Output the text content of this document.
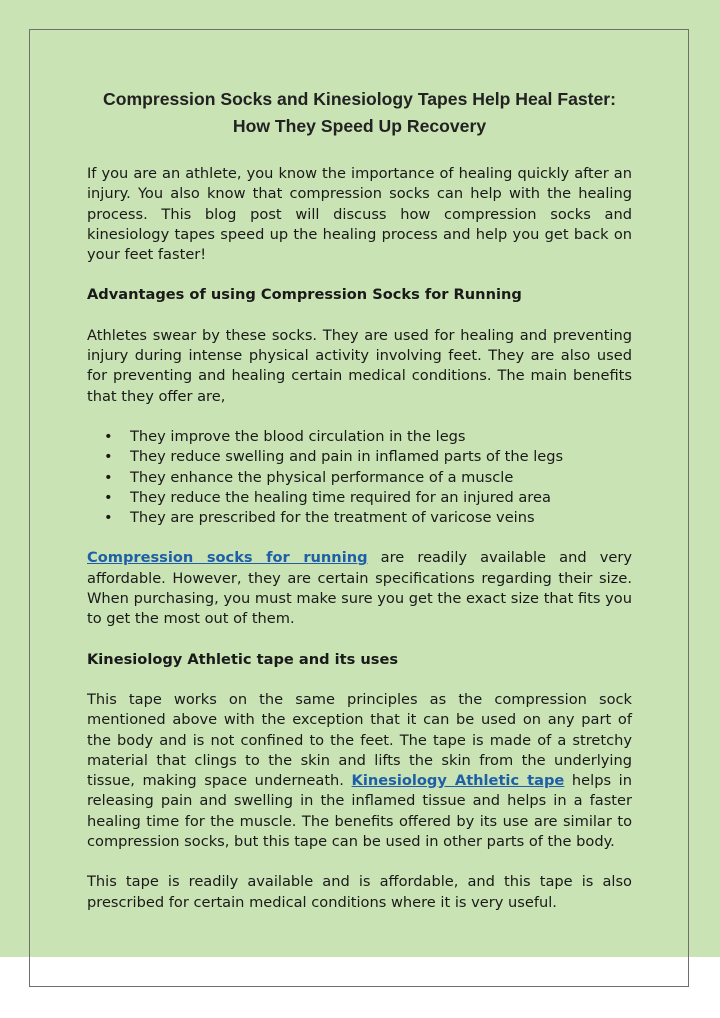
Compression Socks and Kinesiology Tapes Help Heal Faster: How They Speed Up Recovery

If you are an athlete, you know the importance of healing quickly after an injury. You also know that compression socks can help with the healing process. This blog post will discuss how compression socks and kinesiology tapes speed up the healing process and help you get back on your feet faster!

Advantages of using Compression Socks for Running

Athletes swear by these socks. They are used for healing and preventing injury during intense physical activity involving feet. They are also used for preventing and healing certain medical conditions. The main benefits that they offer are,

• They improve the blood circulation in the legs
• They reduce swelling and pain in inflamed parts of the legs
• They enhance the physical performance of a muscle
• They reduce the healing time required for an injured area
• They are prescribed for the treatment of varicose veins

Compression socks for running are readily available and very affordable. However, they are certain specifications regarding their size. When purchasing, you must make sure you get the exact size that fits you to get the most out of them.

Kinesiology Athletic tape and its uses

This tape works on the same principles as the compression sock mentioned above with the exception that it can be used on any part of the body and is not confined to the feet. The tape is made of a stretchy material that clings to the skin and lifts the skin from the underlying tissue, making space underneath. Kinesiology Athletic tape helps in releasing pain and swelling in the inflamed tissue and helps in a faster healing time for the muscle. The benefits offered by its use are similar to compression socks, but this tape can be used in other parts of the body.

This tape is readily available and is affordable, and this tape is also prescribed for certain medical conditions where it is very useful.
